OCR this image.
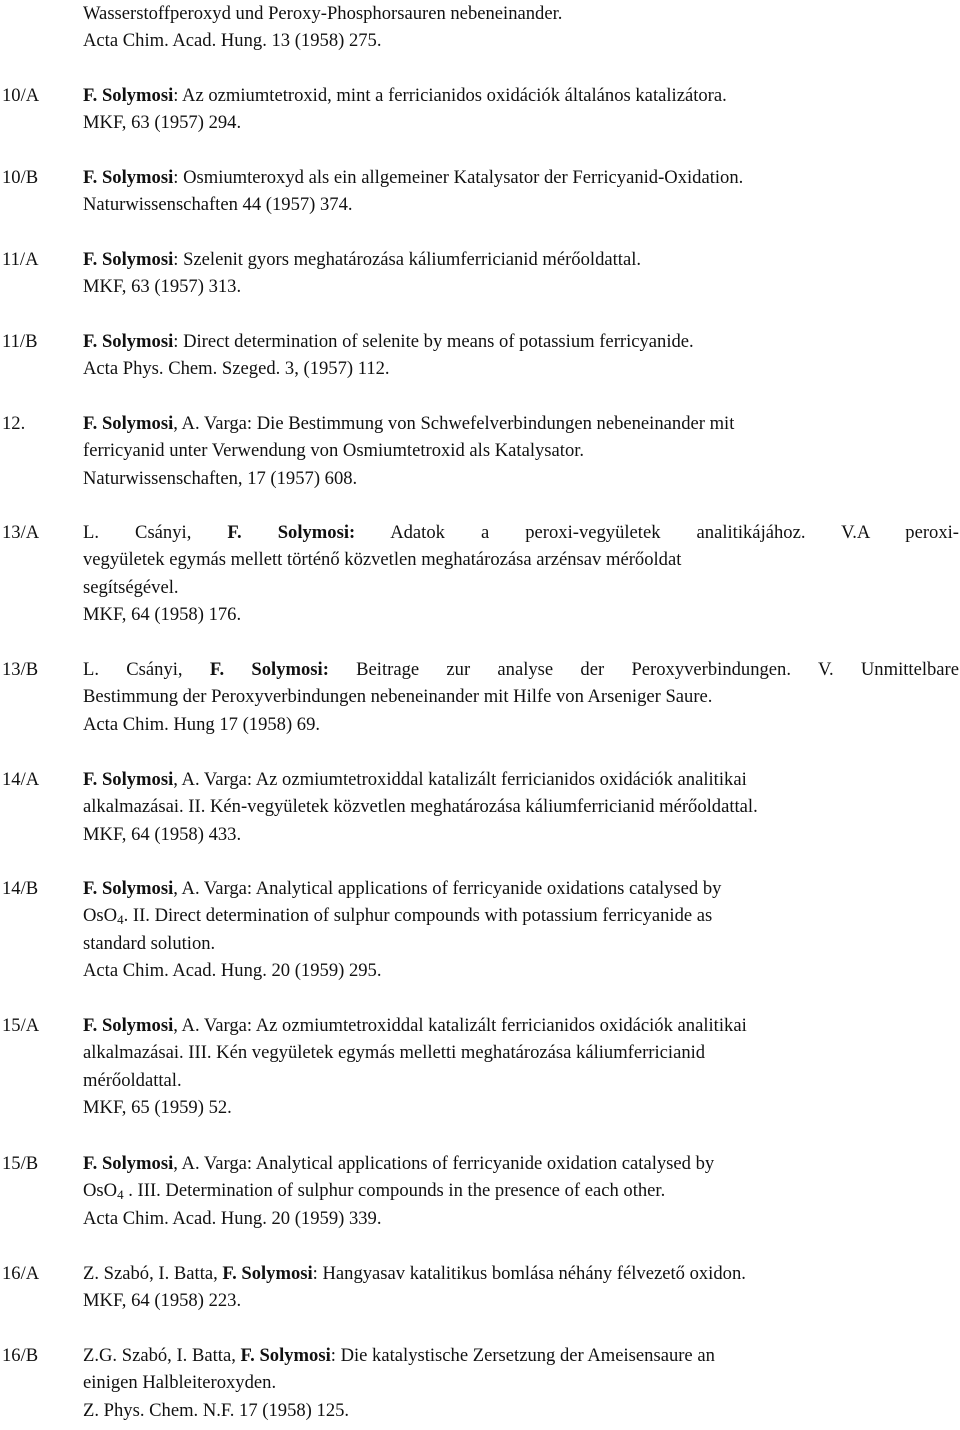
Wasserstoffperoxyd und Peroxy-Phosphorsauren nebeneinander.
Acta Chim. Acad. Hung. 13 (1958) 275.
10/A F. Solymosi: Az ozmiumtetroxid, mint a ferricianidos oxidációk általános katalizátora.
MKF, 63 (1957) 294.
10/B F. Solymosi: Osmiumteroxyd als ein allgemeiner Katalysator der Ferricyanid-Oxidation.
Naturwissenschaften 44 (1957) 374.
11/A F. Solymosi: Szelenit gyors meghatározása káliumferricianid mérőoldattal.
MKF, 63 (1957) 313.
11/B F. Solymosi: Direct determination of selenite by means of potassium ferricyanide.
Acta Phys. Chem. Szeged. 3, (1957) 112.
12.	F. Solymosi, A. Varga: Die Bestimmung von Schwefelverbindungen nebeneinander mit
ferricyanid unter Verwendung von Osmiumtetroxid als Katalysator.
Naturwissenschaften, 17 (1957) 608.
13/A L. Csányi, F. Solymosi: Adatok a peroxi-vegyületek analitikájához. V.A peroxi-
vegyületek egymás mellett történő közvetlen meghatározása arzénsav mérőoldat
segítségével.
MKF, 64 (1958) 176.
13/B L. Csányi, F. Solymosi: Beitrage zur analyse der Peroxyverbindungen. V. Unmittelbare
Bestimmung der Peroxyverbindungen nebeneinander mit Hilfe von Arseniger Saure.
Acta Chim. Hung 17 (1958) 69.
14/A F. Solymosi, A. Varga: Az ozmiumtetroxiddal katalizált ferricianidos oxidációk analitikai
alkalmazásai. II. Kén-vegyületek közvetlen meghatározása káliumferricianid mérőoldattal.
MKF, 64 (1958) 433.
14/B F. Solymosi, A. Varga: Analytical applications of ferricyanide oxidations catalysed by
OsO$_4$. II. Direct determination of sulphur compounds with potassium ferricyanide as
standard solution.
Acta Chim. Acad. Hung. 20 (1959) 295.
15/A F. Solymosi, A. Varga: Az ozmiumtetroxiddal katalizált ferricianidos oxidációk analitikai
alkalmazásai. III. Kén vegyületek egymás melletti meghatározása káliumferricianid
mérőoldattal.
MKF, 65 (1959) 52.
15/B F. Solymosi, A. Varga: Analytical applications of ferricyanide oxidation catalysed by
OsO$_4$ . III. Determination of sulphur compounds in the presence of each other.
Acta Chim. Acad. Hung. 20 (1959) 339.
16/A Z. Szabó, I. Batta, F. Solymosi: Hangyasav katalitikus bomlása néhány félvezető oxidon.
MKF, 64 (1958) 223.
16/B Z.G. Szabó, I. Batta, F. Solymosi: Die katalystische Zersetzung der Ameisensaure an
einigen Halbleiteroxyden.
Z. Phys. Chem. N.F. 17 (1958) 125.
